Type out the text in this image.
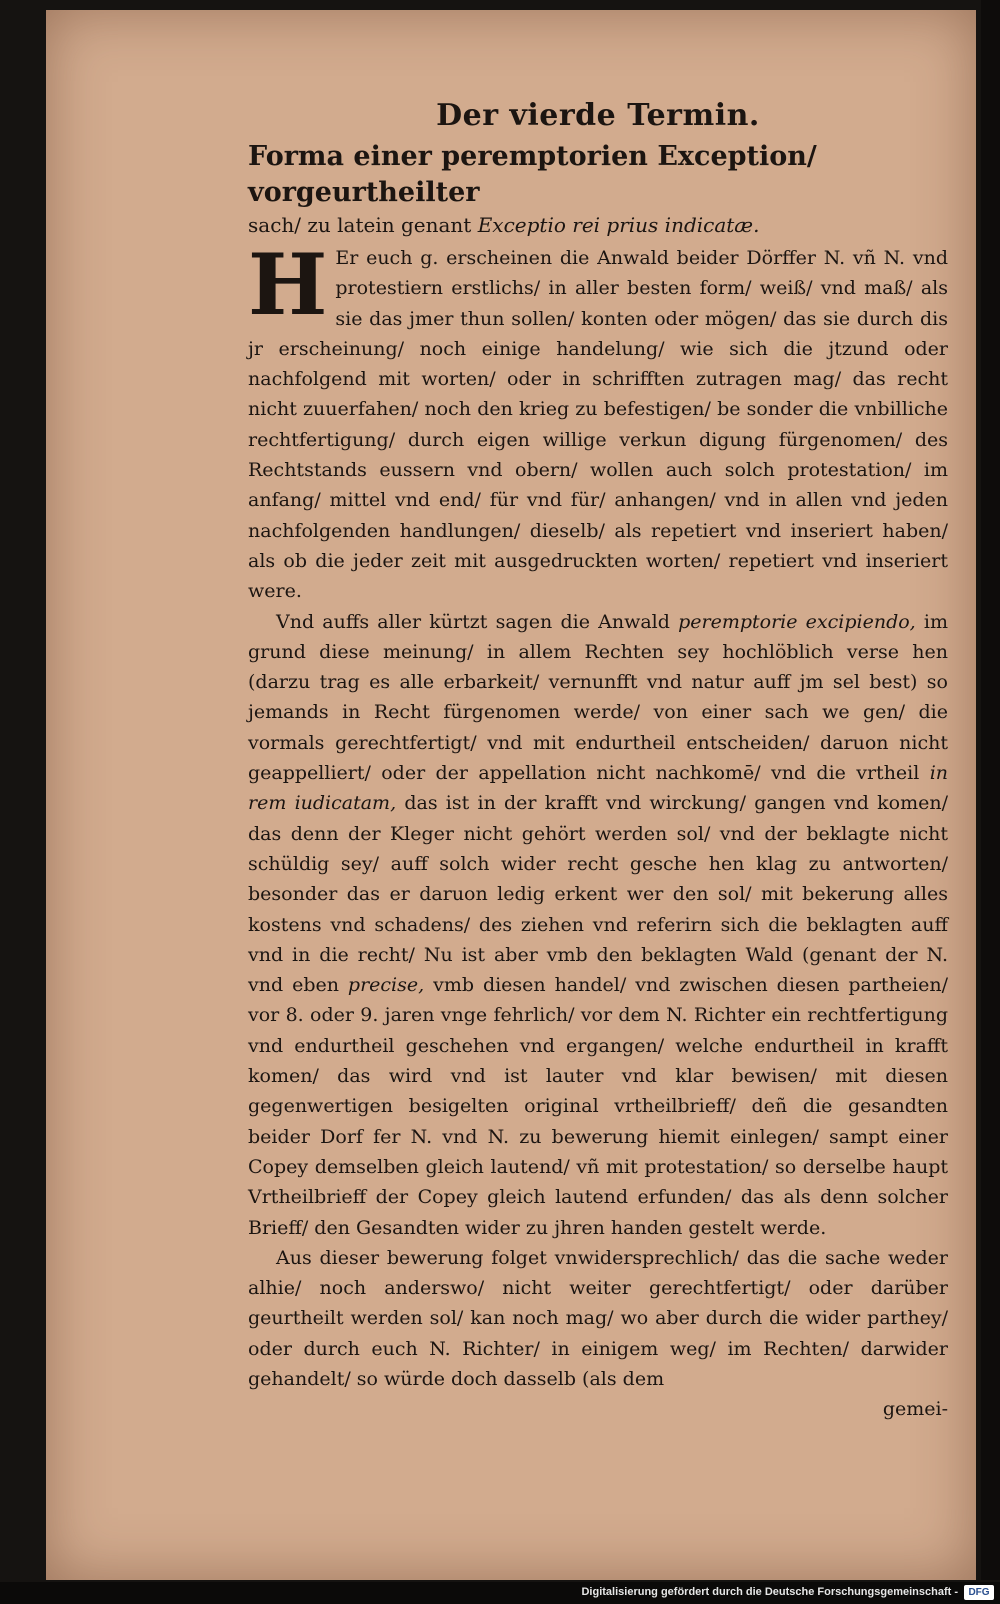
Der vierde Termin.
Forma einer peremptorien Exception/ vorgeurtheilter
sach/ zu latein genant Exceptio rei prius indicatæ.
H Er euch g. erscheinen die Anwald beider Dörffer N. vñ N. vnd protestiern erstlichs/ in aller besten form/ weiß/ vnd maß/ als sie das jmer thun sollen/ konten oder mögen/ das sie durch dis jr erscheinung/ noch einige handelung/ wie sich die jtzund oder nachfolgend mit worten/ oder in schrifften zutragen mag/ das recht nicht zuuerfahen/ noch den krieg zu befestigen/ be sonder die vnbilliche rechtfertigung/ durch eigen willige verkun digung fürgenomen/ des Rechtstands eussern vnd obern/ wollen auch solch protestation/ im anfang/ mittel vnd end/ für vnd für/ anhangen/ vnd in allen vnd jeden nachfolgenden handlungen/ dieselb/ als repetiert vnd inseriert haben/ als ob die jeder zeit mit ausgedruckten worten/ repetiert vnd inseriert were.
Vnd auffs aller kürtzt sagen die Anwald peremptorie excipiendo, im grund diese meinung/ in allem Rechten sey hochlöblich verse hen (darzu trag es alle erbarkeit/ vernunfft vnd natur auff jm sel best) so jemands in Recht fürgenomen werde/ von einer sach we gen/ die vormals gerechtfertigt/ vnd mit endurtheil entscheiden/ daruon nicht geappelliert/ oder der appellation nicht nachkomē/ vnd die vrtheil in rem iudicatam, das ist in der krafft vnd wirckung/ gangen vnd komen/ das denn der Kleger nicht gehört werden sol/ vnd der beklagte nicht schüldig sey/ auff solch wider recht gesche hen klag zu antworten/ besonder das er daruon ledig erkent wer den sol/ mit bekerung alles kostens vnd schadens/ des ziehen vnd referirn sich die beklagten auff vnd in die recht/ Nu ist aber vmb den beklagten Wald (genant der N. vnd eben precise, vmb diesen handel/ vnd zwischen diesen partheien/ vor 8. oder 9. jaren vnge fehrlich/ vor dem N. Richter ein rechtfertigung vnd endurtheil geschehen vnd ergangen/ welche endurtheil in krafft komen/ das wird vnd ist lauter vnd klar bewisen/ mit diesen gegenwertigen besigelten original vrtheilbrieff/ deñ die gesandten beider Dorf fer N. vnd N. zu bewerung hiemit einlegen/ sampt einer Copey demselben gleich lautend/ vñ mit protestation/ so derselbe haupt Vrtheilbrieff der Copey gleich lautend erfunden/ das als denn solcher Brieff/ den Gesandten wider zu jhren handen gestelt werde.
Aus dieser bewerung folget vnwidersprechlich/ das die sache weder alhie/ noch anderswo/ nicht weiter gerechtfertigt/ oder darüber geurtheilt werden sol/ kan noch mag/ wo aber durch die wider parthey/ oder durch euch N. Richter/ in einigem weg/ im Rechten/ darwider gehandelt/ so würde doch dasselb (als dem
gemei-
Digitalisierung gefördert durch die Deutsche Forschungsgemeinschaft -	DFG
